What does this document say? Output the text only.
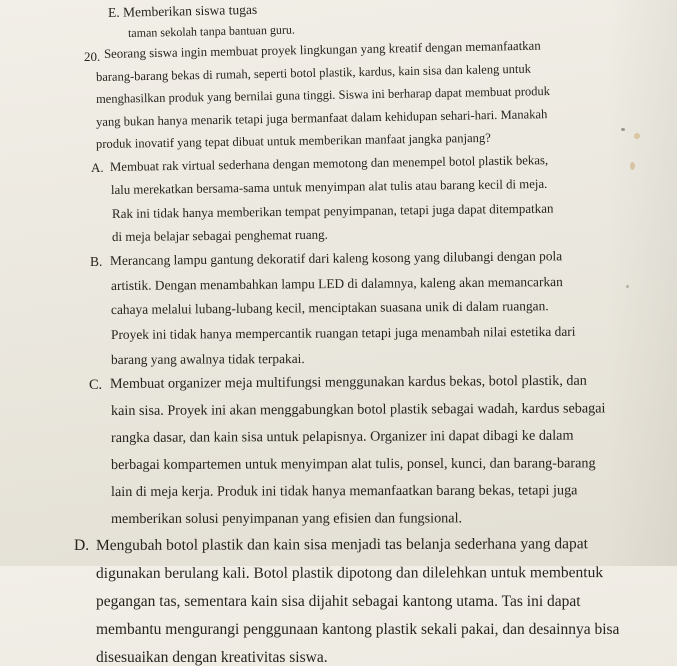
E. Memberikan siswa tugas
taman sekolah tanpa bantuan guru.
20. Seorang siswa ingin membuat proyek lingkungan yang kreatif dengan memanfaatkan
barang-barang bekas di rumah, seperti botol plastik, kardus, kain sisa dan kaleng untuk
menghasilkan produk yang bernilai guna tinggi. Siswa ini berharap dapat membuat produk
yang bukan hanya menarik tetapi juga bermanfaat dalam kehidupan sehari-hari. Manakah
produk inovatif yang tepat dibuat untuk memberikan manfaat jangka panjang?
A. Membuat rak virtual sederhana dengan memotong dan menempel botol plastik bekas,
lalu merekatkan bersama-sama untuk menyimpan alat tulis atau barang kecil di meja.
Rak ini tidak hanya memberikan tempat penyimpanan, tetapi juga dapat ditempatkan
di meja belajar sebagai penghemat ruang.
B. Merancang lampu gantung dekoratif dari kaleng kosong yang dilubangi dengan pola
artistik. Dengan menambahkan lampu LED di dalamnya, kaleng akan memancarkan
cahaya melalui lubang-lubang kecil, menciptakan suasana unik di dalam ruangan.
Proyek ini tidak hanya mempercantik ruangan tetapi juga menambah nilai estetika dari
barang yang awalnya tidak terpakai.
C. Membuat organizer meja multifungsi menggunakan kardus bekas, botol plastik, dan
kain sisa. Proyek ini akan menggabungkan botol plastik sebagai wadah, kardus sebagai
rangka dasar, dan kain sisa untuk pelapisnya. Organizer ini dapat dibagi ke dalam
berbagai kompartemen untuk menyimpan alat tulis, ponsel, kunci, dan barang-barang
lain di meja kerja. Produk ini tidak hanya memanfaatkan barang bekas, tetapi juga
memberikan solusi penyimpanan yang efisien dan fungsional.
D. Mengubah botol plastik dan kain sisa menjadi tas belanja sederhana yang dapat
digunakan berulang kali. Botol plastik dipotong dan dilelehkan untuk membentuk
pegangan tas, sementara kain sisa dijahit sebagai kantong utama. Tas ini dapat
membantu mengurangi penggunaan kantong plastik sekali pakai, dan desainnya bisa
disesuaikan dengan kreativitas siswa.
